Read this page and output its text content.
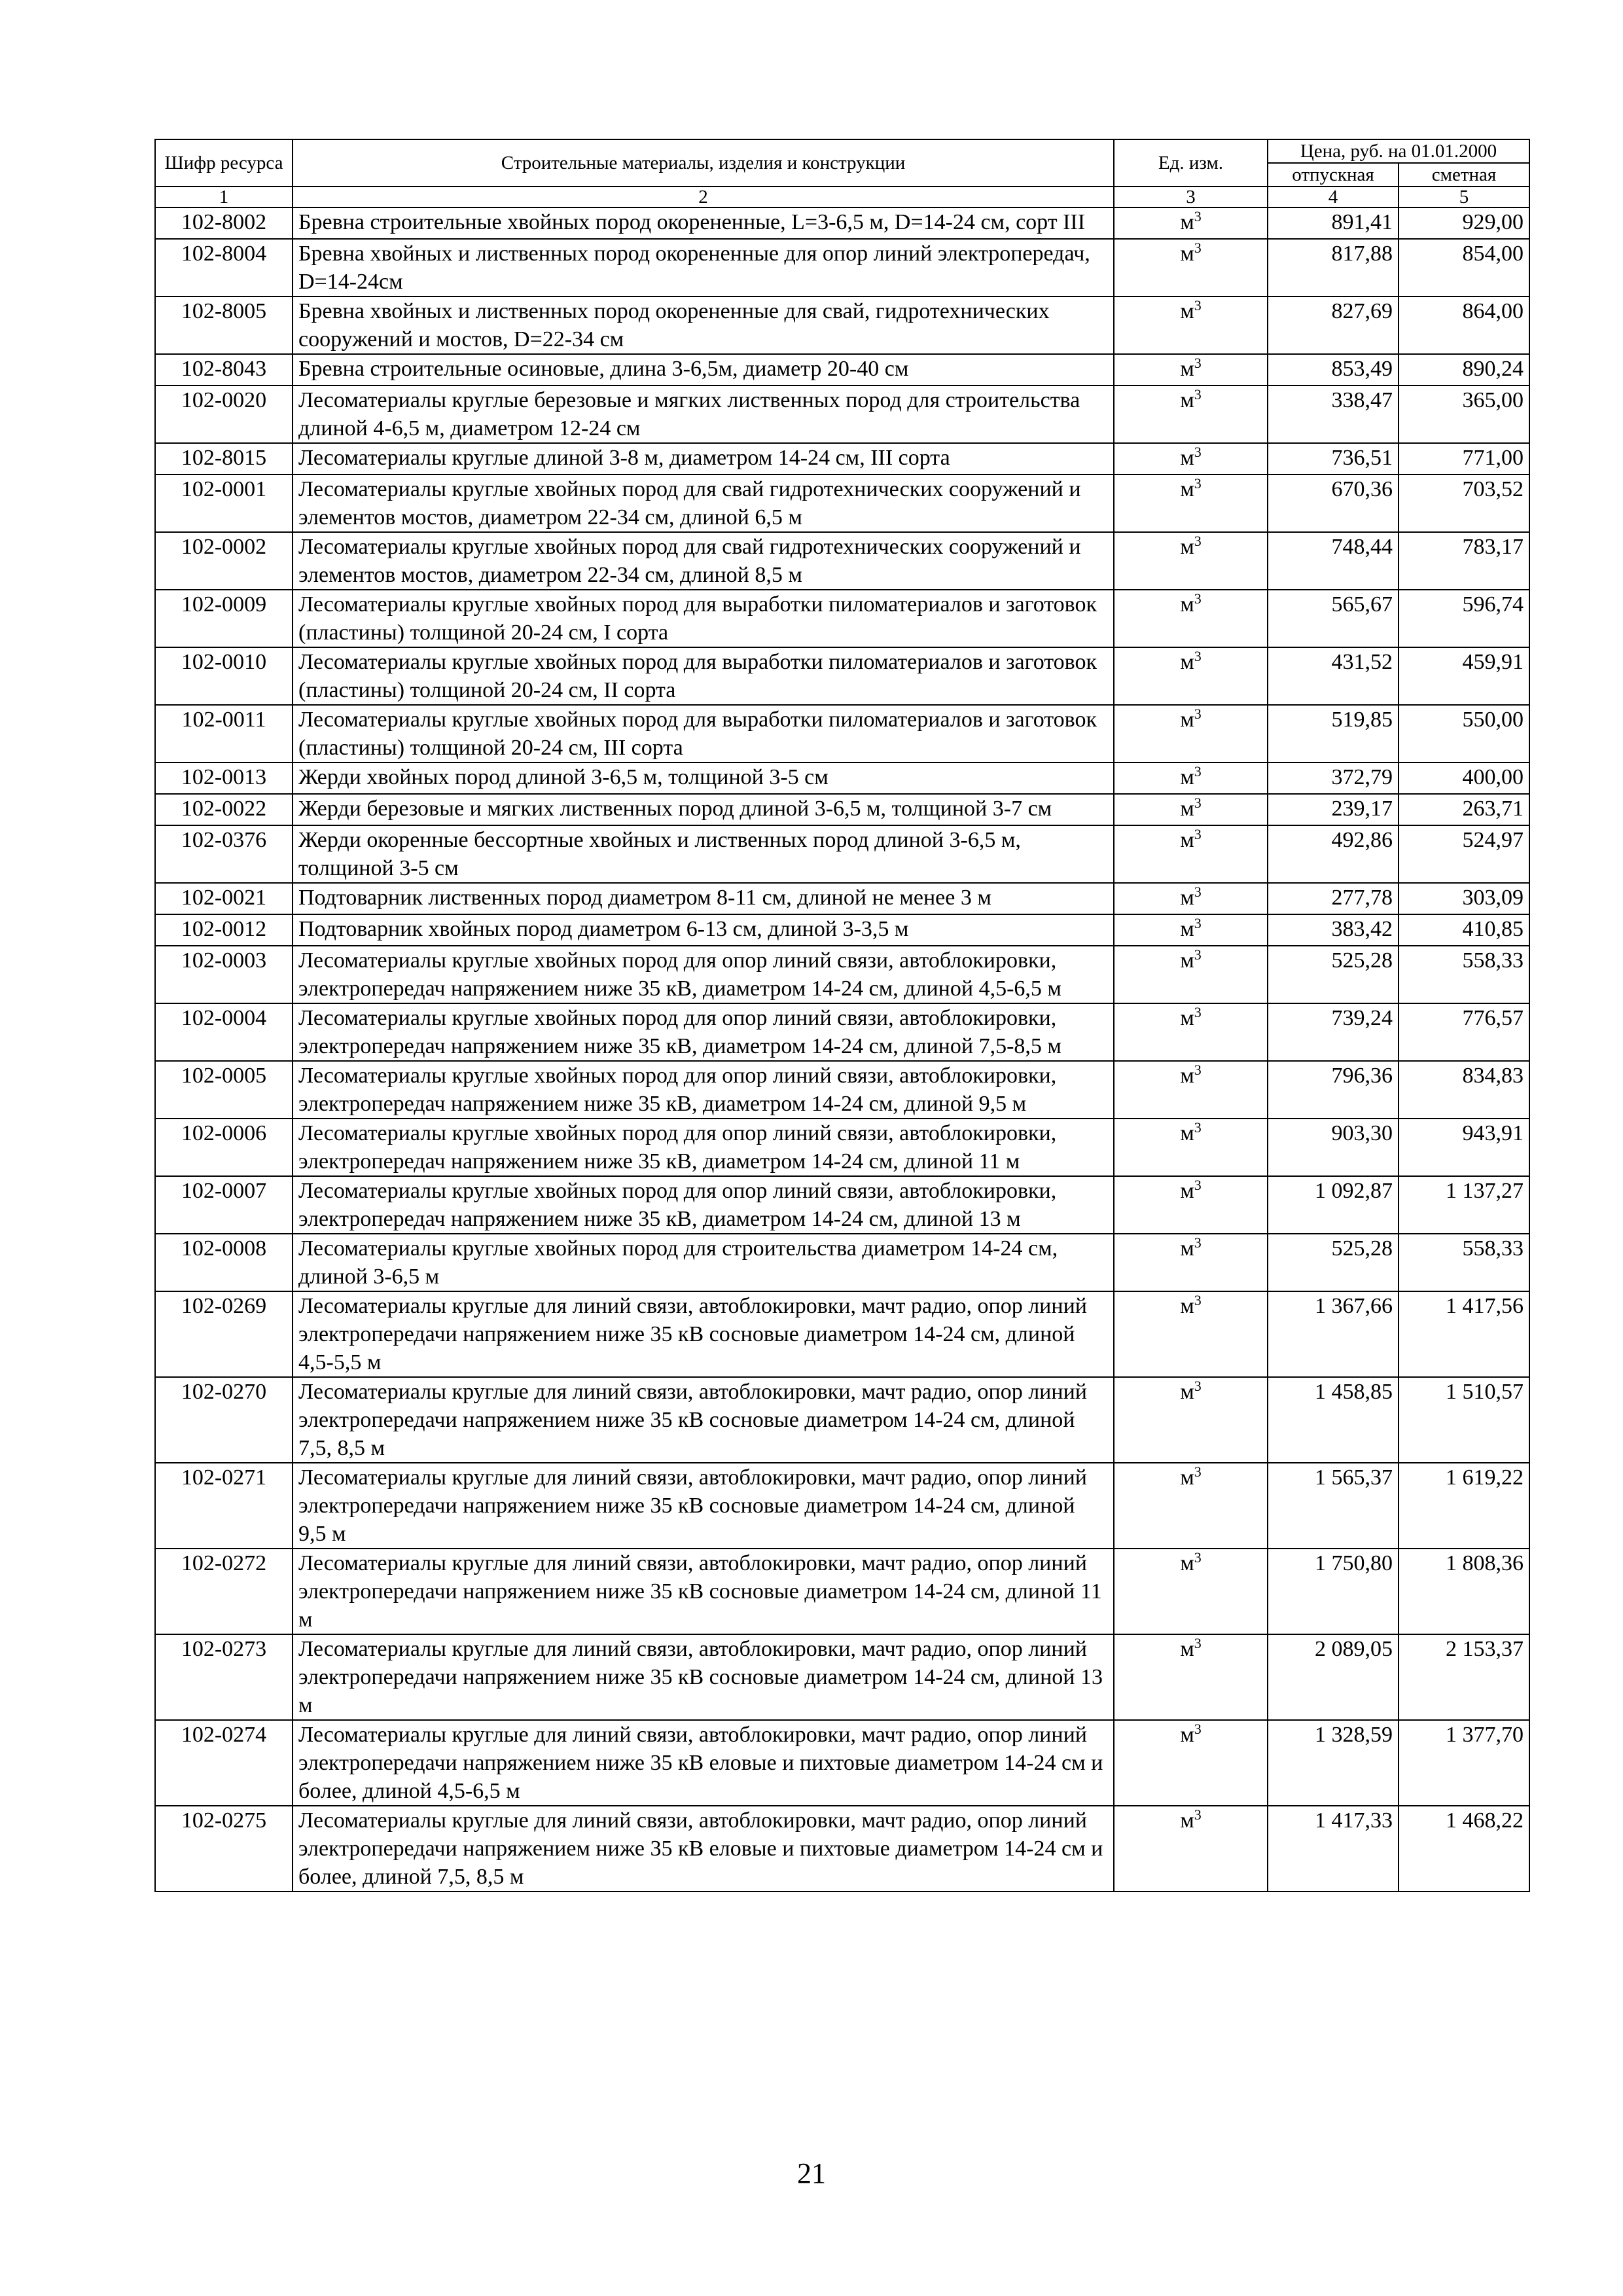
Шифр ресурса	Строительные материалы, изделия и конструкции	Ед. изм.	Цена, руб. на 01.01.2000	
			отпускная	сметная
1	2	3	4	5
102-8002	Бревна строительные хвойных пород окорененные, L=3-6,5 м, D=14-24 см, сорт III	$м^3$	891,41	929,00
102-8004	Бревна хвойных и лиственных пород окорененные для опор линий электропередач, D=14-24см	$м^3$	817,88	854,00
102-8005	Бревна хвойных и лиственных пород окорененные для свай, гидротехнических сооружений и мостов, D=22-34 см	$м^3$	827,69	864,00
102-8043	Бревна строительные осиновые, длина 3-6,5м, диаметр 20-40 см	$м^3$	853,49	890,24
102-0020	Лесоматериалы круглые березовые и мягких лиственных пород для строительства длиной 4-6,5 м, диаметром 12-24 см	$м^3$	338,47	365,00
102-8015	Лесоматериалы круглые длиной 3-8 м, диаметром 14-24 см, III сорта	$м^3$	736,51	771,00
102-0001	Лесоматериалы круглые хвойных пород для свай гидротехнических сооружений и элементов мостов, диаметром 22-34 см, длиной 6,5 м	$м^3$	670,36	703,52
102-0002	Лесоматериалы круглые хвойных пород для свай гидротехнических сооружений и элементов мостов, диаметром 22-34 см, длиной 8,5 м	$м^3$	748,44	783,17
102-0009	Лесоматериалы круглые хвойных пород для выработки пиломатериалов и заготовок (пластины) толщиной 20-24 см, I сорта	$м^3$	565,67	596,74
102-0010	Лесоматериалы круглые хвойных пород для выработки пиломатериалов и заготовок (пластины) толщиной 20-24 см, II сорта	$м^3$	431,52	459,91
102-0011	Лесоматериалы круглые хвойных пород для выработки пиломатериалов и заготовок (пластины) толщиной 20-24 см, III сорта	$м^3$	519,85	550,00
102-0013	Жерди хвойных пород длиной 3-6,5 м, толщиной 3-5 см	$м^3$	372,79	400,00
102-0022	Жерди березовые и мягких лиственных пород длиной 3-6,5 м, толщиной 3-7 см	$м^3$	239,17	263,71
102-0376	Жерди окоренные бессортные хвойных и лиственных пород длиной 3-6,5 м, толщиной 3-5 см	$м^3$	492,86	524,97
102-0021	Подтоварник лиственных пород диаметром 8-11 см, длиной не менее 3 м	$м^3$	277,78	303,09
102-0012	Подтоварник хвойных пород диаметром 6-13 см, длиной 3-3,5 м	$м^3$	383,42	410,85
102-0003	Лесоматериалы круглые хвойных пород для опор линий связи, автоблокировки, электропередач напряжением ниже 35 кВ, диаметром 14-24 см, длиной 4,5-6,5 м	$м^3$	525,28	558,33
102-0004	Лесоматериалы круглые хвойных пород для опор линий связи, автоблокировки, электропередач напряжением ниже 35 кВ, диаметром 14-24 см, длиной 7,5-8,5 м	$м^3$	739,24	776,57
102-0005	Лесоматериалы круглые хвойных пород для опор линий связи, автоблокировки, электропередач напряжением ниже 35 кВ, диаметром 14-24 см, длиной 9,5 м	$м^3$	796,36	834,83
102-0006	Лесоматериалы круглые хвойных пород для опор линий связи, автоблокировки, электропередач напряжением ниже 35 кВ, диаметром 14-24 см, длиной 11 м	$м^3$	903,30	943,91
102-0007	Лесоматериалы круглые хвойных пород для опор линий связи, автоблокировки, электропередач напряжением ниже 35 кВ, диаметром 14-24 см, длиной 13 м	$м^3$	1 092,87	1 137,27
102-0008	Лесоматериалы круглые хвойных пород для строительства диаметром 14-24 см, длиной 3-6,5 м	$м^3$	525,28	558,33
102-0269	Лесоматериалы круглые для линий связи, автоблокировки, мачт радио, опор линий электропередачи напряжением ниже 35 кВ сосновые диаметром 14-24 см, длиной 4,5-5,5 м	$м^3$	1 367,66	1 417,56
102-0270	Лесоматериалы круглые для линий связи, автоблокировки, мачт радио, опор линий электропередачи напряжением ниже 35 кВ сосновые диаметром 14-24 см, длиной 7,5, 8,5 м	$м^3$	1 458,85	1 510,57
102-0271	Лесоматериалы круглые для линий связи, автоблокировки, мачт радио, опор линий электропередачи напряжением ниже 35 кВ сосновые диаметром 14-24 см, длиной 9,5 м	$м^3$	1 565,37	1 619,22
102-0272	Лесоматериалы круглые для линий связи, автоблокировки, мачт радио, опор линий электропередачи напряжением ниже 35 кВ сосновые диаметром 14-24 см, длиной 11 м	$м^3$	1 750,80	1 808,36
102-0273	Лесоматериалы круглые для линий связи, автоблокировки, мачт радио, опор линий электропередачи напряжением ниже 35 кВ сосновые диаметром 14-24 см, длиной 13 м	$м^3$	2 089,05	2 153,37
102-0274	Лесоматериалы круглые для линий связи, автоблокировки, мачт радио, опор линий электропередачи напряжением ниже 35 кВ еловые и пихтовые диаметром 14-24 см и более, длиной 4,5-6,5 м	$м^3$	1 328,59	1 377,70
102-0275	Лесоматериалы круглые для линий связи, автоблокировки, мачт радио, опор линий электропередачи напряжением ниже 35 кВ еловые и пихтовые диаметром 14-24 см и более, длиной 7,5, 8,5 м	$м^3$	1 417,33	1 468,22
21
